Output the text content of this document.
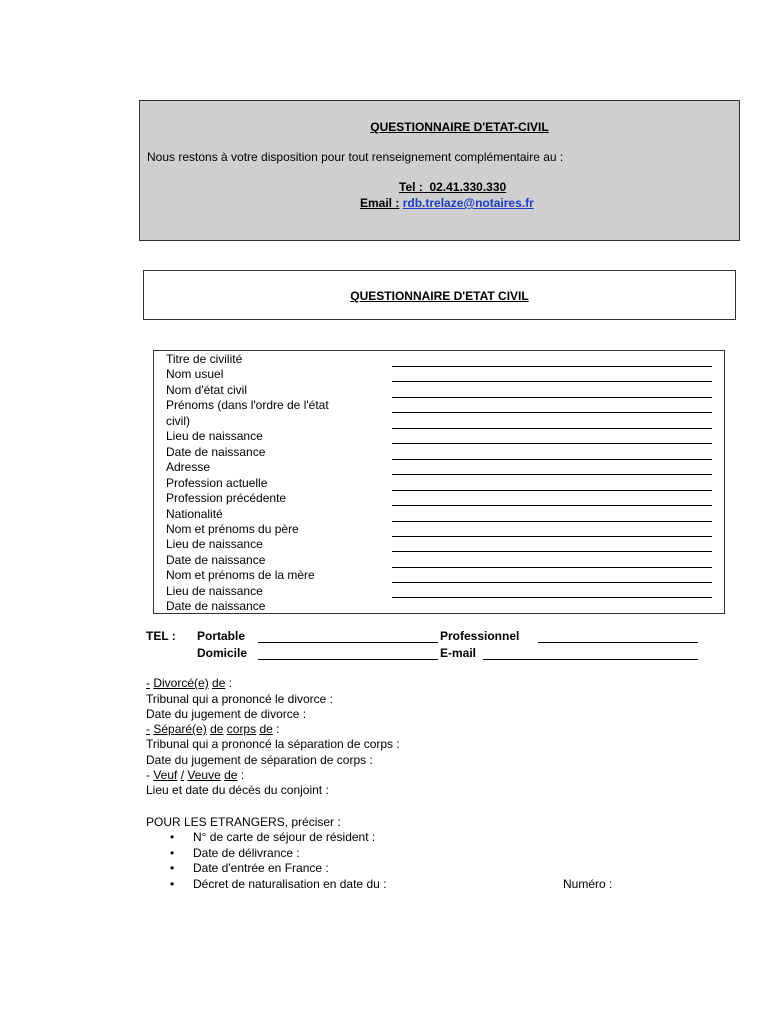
QUESTIONNAIRE D'ETAT-CIVIL
Nous restons à votre disposition pour tout renseignement complémentaire au :
Tel : 02.41.330.330
Email : rdb.trelaze@notaires.fr
QUESTIONNAIRE D'ETAT CIVIL
Titre de civilité
Nom usuel
Nom d'état civil
Prénoms (dans l'ordre de l'état
civil)
Lieu de naissance
Date de naissance
Adresse
Profession actuelle
Profession précédente
Nationalité
Nom et prénoms du père
Lieu de naissance
Date de naissance
Nom et prénoms de la mère
Lieu de naissance
Date de naissance
TEL : Portable	Professionnel
Domicile	E-mail
- Divorcé(e) de :
Tribunal qui a prononcé le divorce :
Date du jugement de divorce :
- Séparé(e) de corps de :
Tribunal qui a prononcé la séparation de corps :
Date du jugement de séparation de corps :
- Veuf / Veuve de :
Lieu et date du décès du conjoint :
POUR LES ETRANGERS, préciser :
• N° de carte de séjour de résident :
• Date de délivrance :
• Date d'entrée en France :
• Décret de naturalisation en date du :	Numéro :
